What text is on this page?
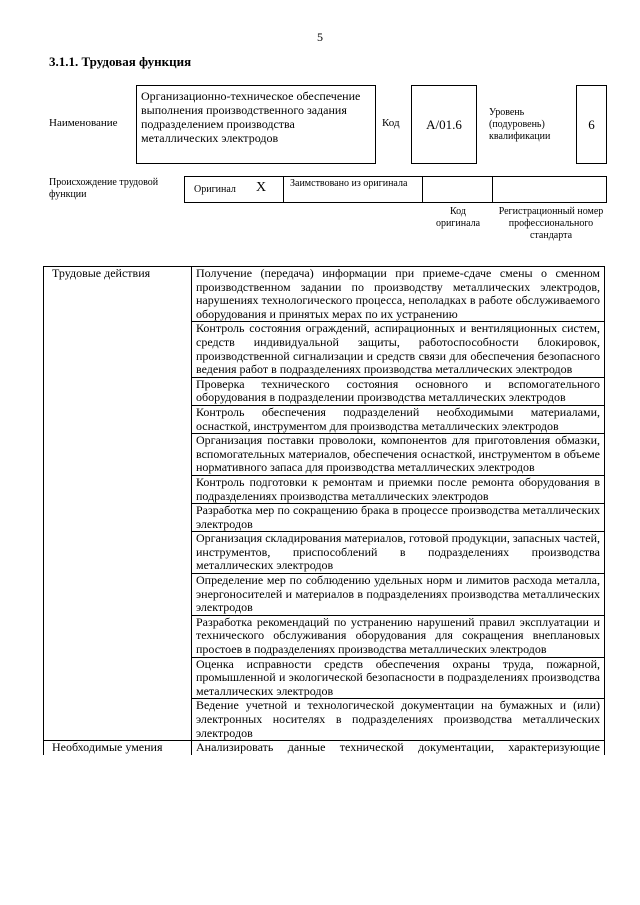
5
3.1.1. Трудовая функция
Наименование
Организационно-техническое обеспечение выполнения производственного задания подразделением производства металлических электродов
Код А/01.6
Уровень (подуровень) квалификации
6
Происхождение трудовой функции	Оригинал X Заимствовано из оригинала
Код оригинала
Регистрационный номер профессионального стандарта
Трудовые действия	Получение (передача) информации при приеме-сдаче смены о сменном производственном задании по производству металлических электродов, нарушениях технологического процесса, неполадках в работе обслуживаемого оборудования и принятых мерах по их устранению
	Контроль состояния ограждений, аспирационных и вентиляционных систем, средств индивидуальной защиты, работоспособности блокировок, производственной сигнализации и средств связи для обеспечения безопасного ведения работ в подразделениях производства металлических электродов
	Проверка технического состояния основного и вспомогательного оборудования в подразделении производства металлических электродов
	Контроль обеспечения подразделений необходимыми материалами, оснасткой, инструментом для производства металлических электродов
	Организация поставки проволоки, компонентов для приготовления обмазки, вспомогательных материалов, обеспечения оснасткой, инструментом в объеме нормативного запаса для производства металлических электродов
	Контроль подготовки к ремонтам и приемки после ремонта оборудования в подразделениях производства металлических электродов
	Разработка мер по сокращению брака в процессе производства металлических электродов
	Организация складирования материалов, готовой продукции, запасных частей, инструментов, приспособлений в подразделениях производства металлических электродов
	Определение мер по соблюдению удельных норм и лимитов расхода металла, энергоносителей и материалов в подразделениях производства металлических электродов
	Разработка рекомендаций по устранению нарушений правил эксплуатации и технического обслуживания оборудования для сокращения внеплановых простоев в подразделениях производства металлических электродов
	Оценка исправности средств обеспечения охраны труда, пожарной, промышленной и экологической безопасности в подразделениях производства металлических электродов
	Ведение учетной и технологической документации на бумажных и (или) электронных носителях в подразделениях производства металлических электродов
Необходимые умения	Анализировать данные технической документации, характеризующие
